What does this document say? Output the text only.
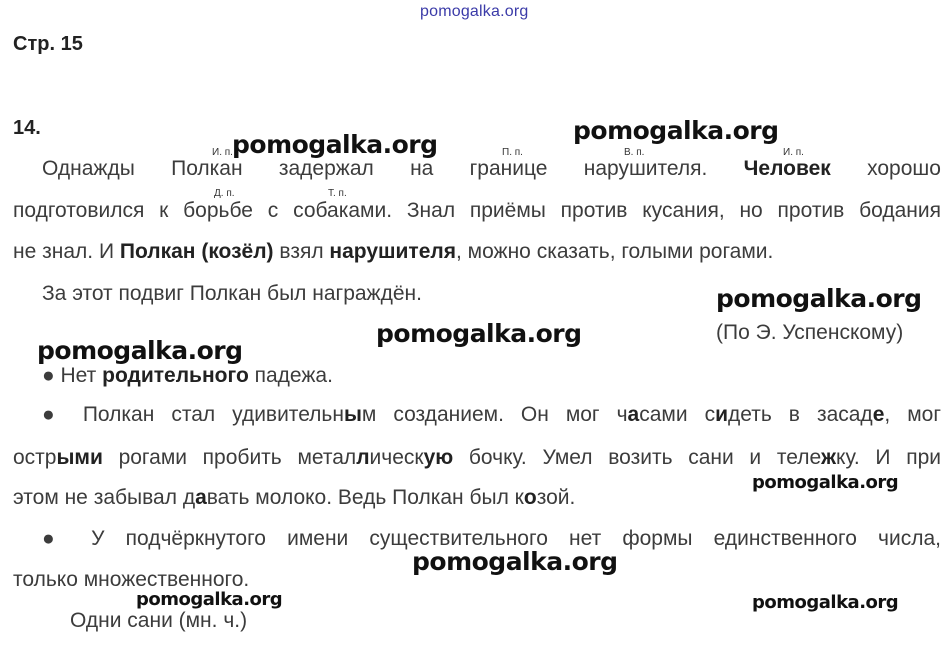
pomogalka.org
Стр. 15
14.
И. п.	П. п.	В. п.	И. п.
Д. п.	Т. п.
Однажды Полкан задержал на границе нарушителя. Человек хорошо
подготовился к борьбе с собаками. Знал приёмы против кусания, но против бодания
не знал. И Полкан (козёл) взял нарушителя, можно сказать, голыми рогами.
За этот подвиг Полкан был награждён.
(По Э. Успенскому)
● Нет родительного падежа.
● Полкан стал удивительным созданием. Он мог часами сидеть в засаде, мог
острыми рогами пробить металлическую бочку. Умел возить сани и тележку. И при
этом не забывал давать молоко. Ведь Полкан был козой.
● У подчёркнутого имени существительного нет формы единственного числа,
только множественного.
Одни сани (мн. ч.)
pomogalka.org	pomogalka.org
pomogalka.org
pomogalka.org
pomogalka.org
pomogalka.org
pomogalka.org
pomogalka.org	pomogalka.org
